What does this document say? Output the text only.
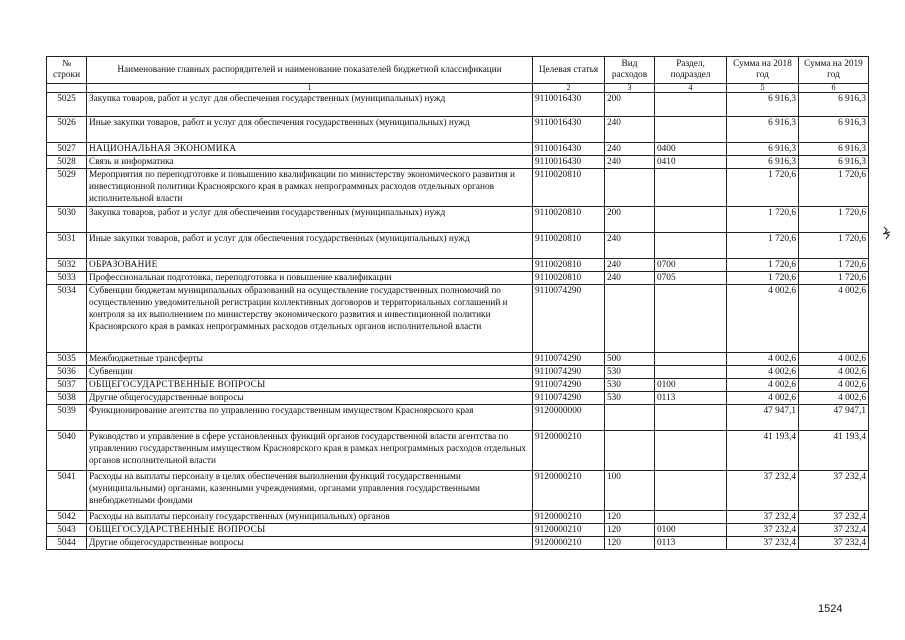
№ строки	Наименование главных распорядителей и наименование показателей бюджетной классификации	Целевая статья	Вид расходов	Раздел, подраздел	Сумма на 2018 год	Сумма на 2019 год
	1	2	3	4	5	6
5025	Закупка товаров, работ и услуг для обеспечения государственных (муниципальных) нужд	9110016430	200		6 916,3	6 916,3
5026	Иные закупки товаров, работ и услуг для обеспечения государственных (муниципальных) нужд	9110016430	240		6 916,3	6 916,3
5027	НАЦИОНАЛЬНАЯ ЭКОНОМИКА	9110016430	240	0400	6 916,3	6 916,3
5028	Связь и информатика	9110016430	240	0410	6 916,3	6 916,3
5029	Мероприятия по переподготовке и повышению квалификации по министерству экономического развития и инвестиционной политики Красноярского края в рамках непрограммных расходов отдельных органов исполнительной власти	9110020810			1 720,6	1 720,6
5030	Закупка товаров, работ и услуг для обеспечения государственных (муниципальных) нужд	9110020810	200		1 720,6	1 720,6
5031	Иные закупки товаров, работ и услуг для обеспечения государственных (муниципальных) нужд	9110020810	240		1 720,6	1 720,6
5032	ОБРАЗОВАНИЕ	9110020810	240	0700	1 720,6	1 720,6
5033	Профессиональная подготовка, переподготовка и повышение квалификации	9110020810	240	0705	1 720,6	1 720,6
5034	Субвенции бюджетам муниципальных образований на осуществление государственных полномочий по осуществлению уведомительной регистрации коллективных договоров и территориальных соглашений и контроля за их выполнением по министерству экономического развития и инвестиционной политики Красноярского края в рамках непрограммных расходов отдельных органов исполнительной власти	9110074290			4 002,6	4 002,6
5035	Межбюджетные трансферты	9110074290	500		4 002,6	4 002,6
5036	Субвенции	9110074290	530		4 002,6	4 002,6
5037	ОБЩЕГОСУДАРСТВЕННЫЕ ВОПРОСЫ	9110074290	530	0100	4 002,6	4 002,6
5038	Другие общегосударственные вопросы	9110074290	530	0113	4 002,6	4 002,6
5039	Функционирование агентства по управлению государственным имуществом Красноярского края	9120000000			47 947,1	47 947,1
5040	Руководство и управление в сфере установленных функций органов государственной власти агентства по управлению государственным имуществом Красноярского края в рамках непрограммных расходов отдельных органов исполнительной власти	9120000210			41 193,4	41 193,4
5041	Расходы на выплаты персоналу в целях обеспечения выполнения функций государственными (муниципальными) органами, казенными учреждениями, органами управления государственными внебюджетными фондами	9120000210	100		37 232,4	37 232,4
5042	Расходы на выплаты персоналу государственных (муниципальных) органов	9120000210	120		37 232,4	37 232,4
5043	ОБЩЕГОСУДАРСТВЕННЫЕ ВОПРОСЫ	9120000210	120	0100	37 232,4	37 232,4
5044	Другие общегосударственные вопросы	9120000210	120	0113	37 232,4	37 232,4
1524
